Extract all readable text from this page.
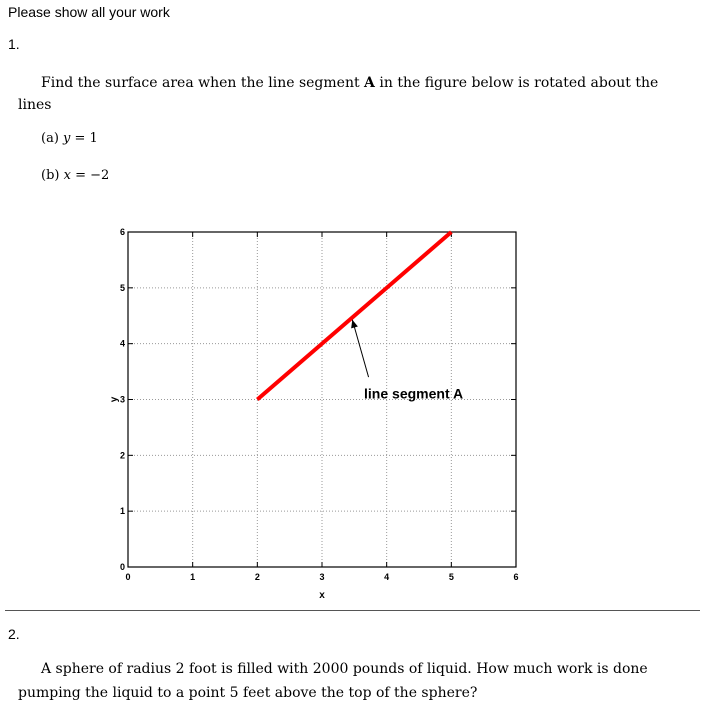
Please show all your work
1.
Find the surface area when the line segment A in the figure below is rotated about the
lines
(a) y = 1
(b) x = −2
0	1	2	3	4	5	6
0
1
2
3
4
5
6
x
y	line segment A
2.
A sphere of radius 2 foot is filled with 2000 pounds of liquid. How much work is done
pumping the liquid to a point 5 feet above the top of the sphere?
